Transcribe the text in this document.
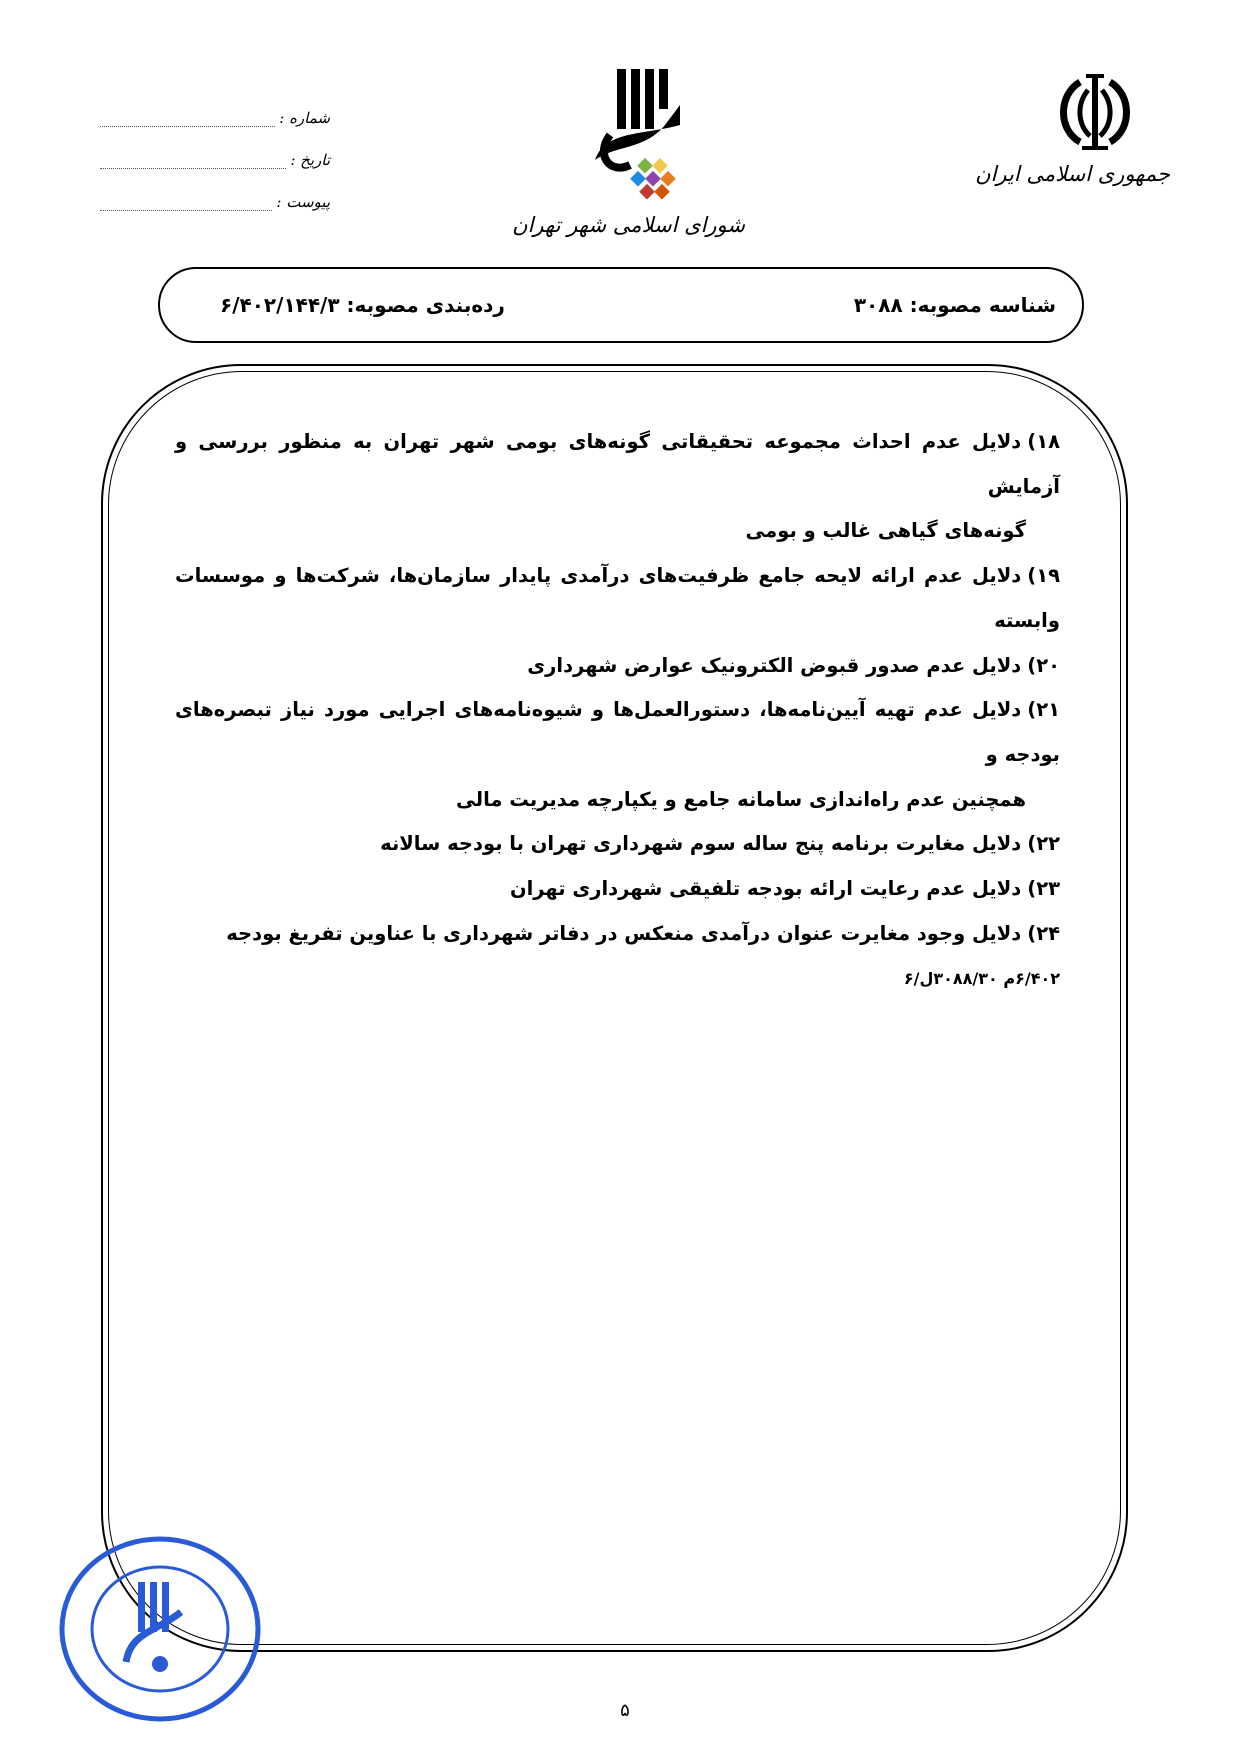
جمهوری اسلامی ایران
شورای اسلامی شهر تهران
شماره :
تاریخ :
پیوست :
شناسه مصوبه: ۳۰۸۸
رده‌بندی مصوبه: ۶/۴۰۲/۱۴۴/۳

۱۸)دلایل عدم احداث مجموعه تحقیقاتی گونه‌های بومی شهر تهران به منظور بررسی و آزمایش

گونه‌های گیاهی غالب و بومی

۱۹)دلایل عدم ارائه لایحه جامع ظرفیت‌های درآمدی پایدار سازمان‌ها، شرکت‌ها و موسسات وابسته

۲۰)دلایل عدم صدور قبوض الکترونیک عوارض شهرداری

۲۱)دلایل عدم تهیه آیین‌نامه‌ها، دستورالعمل‌ها و شیوه‌نامه‌های اجرایی مورد نیاز تبصره‌های بودجه و

همچنین عدم راه‌اندازی سامانه جامع و یکپارچه مدیریت مالی

۲۲)دلایل مغایرت برنامه پنج ساله سوم شهرداری تهران با بودجه سالانه

۲۳)دلایل عدم رعایت ارائه بودجه تلفیقی شهرداری تهران

۲۴)دلایل وجود مغایرت عنوان درآمدی منعکس در دفاتر شهرداری با عناوین تفریغ بودجه

۶/۴۰۲م ۳۰۸۸/۳۰ل/۶

۵
